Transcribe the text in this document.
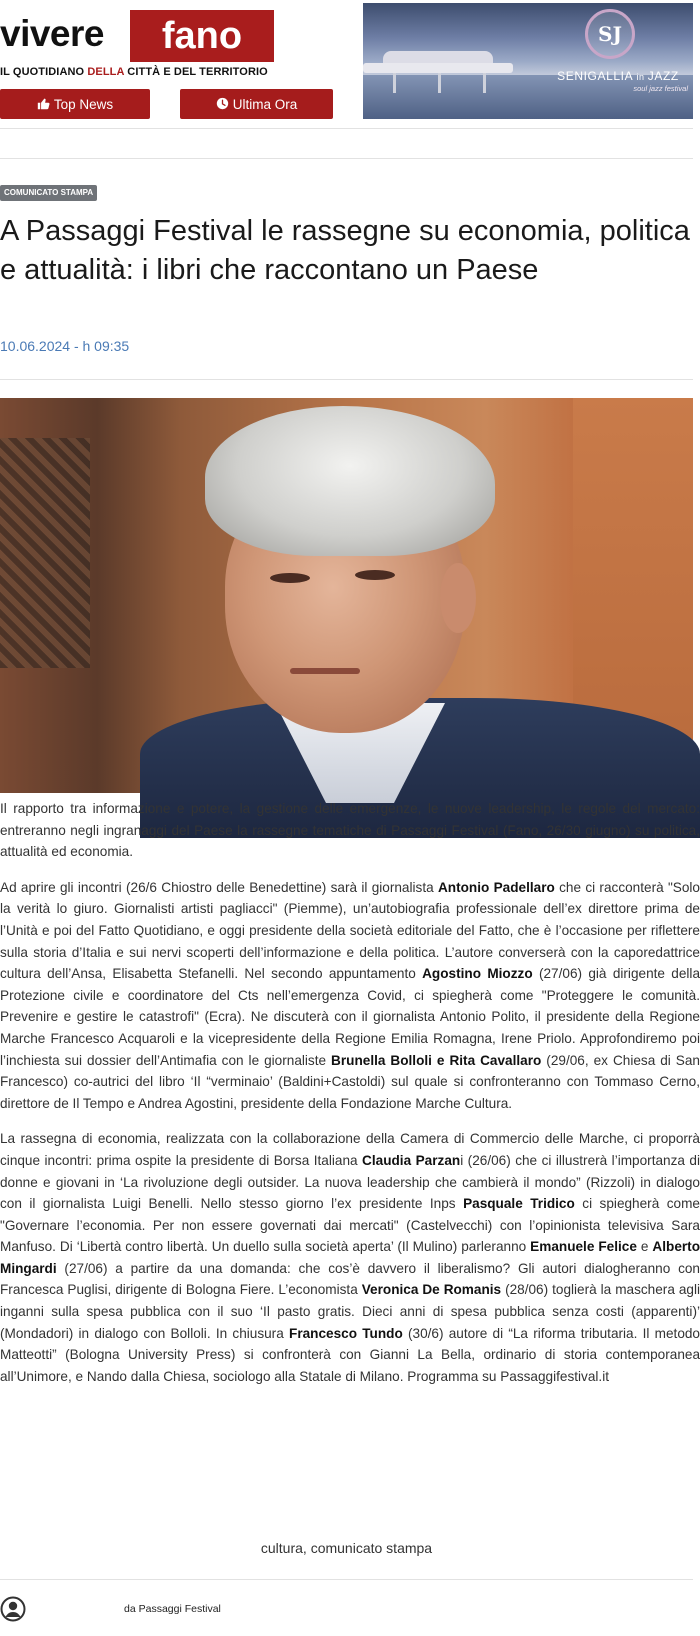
vivere	fano
IL QUOTIDIANO DELLA CITTÀ E DEL TERRITORIO
Top News	Ultima Ora
SJ
SENIGALLIA in JAZZ
soul jazz festival
COMUNICATO STAMPA
A Passaggi Festival le rassegne su economia, politica e attualità: i libri che raccontano un Paese
10.06.2024 - h 09:35

Il rapporto tra informazione e potere, la gestione delle emergenze, le nuove leadership, le regole del mercato: entreranno negli ingranaggi del Paese la rassegne tematiche di Passaggi Festival (Fano, 26/30 giugno) su politica, attualità ed economia.

Ad aprire gli incontri (26/6 Chiostro delle Benedettine) sarà il giornalista Antonio Padellaro che ci racconterà "Solo la verità lo giuro. Giornalisti artisti pagliacci" (Piemme), un’autobiografia professionale dell’ex direttore prima de l’Unità e poi del Fatto Quotidiano, e oggi presidente della società editoriale del Fatto, che è l’occasione per riflettere sulla storia d’Italia e sui nervi scoperti dell’informazione e della politica. L’autore converserà con la caporedattrice cultura dell’Ansa, Elisabetta Stefanelli. Nel secondo appuntamento Agostino Miozzo (27/06) già dirigente della Protezione civile e coordinatore del Cts nell’emergenza Covid, ci spiegherà come "Proteggere le comunità. Prevenire e gestire le catastrofi" (Ecra). Ne discuterà con il giornalista Antonio Polito, il presidente della Regione Marche Francesco Acquaroli e la vicepresidente della Regione Emilia Romagna, Irene Priolo. Approfondiremo poi l’inchiesta sui dossier dell’Antimafia con le giornaliste Brunella Bolloli e Rita Cavallaro (29/06, ex Chiesa di San Francesco) co-autrici del libro ‘Il “verminaio’ (Baldini+Castoldi) sul quale si confronteranno con Tommaso Cerno, direttore de Il Tempo e Andrea Agostini, presidente della Fondazione Marche Cultura.

La rassegna di economia, realizzata con la collaborazione della Camera di Commercio delle Marche, ci proporrà cinque incontri: prima ospite la presidente di Borsa Italiana Claudia Parzani (26/06) che ci illustrerà l’importanza di donne e giovani in ‘La rivoluzione degli outsider. La nuova leadership che cambierà il mondo” (Rizzoli) in dialogo con il giornalista Luigi Benelli. Nello stesso giorno l’ex presidente Inps Pasquale Tridico ci spiegherà come "Governare l’economia. Per non essere governati dai mercati" (Castelvecchi) con l’opinionista televisiva Sara Manfuso. Di ‘Libertà contro libertà. Un duello sulla società aperta’ (Il Mulino) parleranno Emanuele Felice e Alberto Mingardi (27/06) a partire da una domanda: che cos’è davvero il liberalismo? Gli autori dialogheranno con Francesca Puglisi, dirigente di Bologna Fiere. L’economista Veronica De Romanis (28/06) toglierà la maschera agli inganni sulla spesa pubblica con il suo ‘Il pasto gratis. Dieci anni di spesa pubblica senza costi (apparenti)’ (Mondadori) in dialogo con Bolloli. In chiusura Francesco Tundo (30/6) autore di “La riforma tributaria. Il metodo Matteotti” (Bologna University Press) si confronterà con Gianni La Bella, ordinario di storia contemporanea all’Unimore, e Nando dalla Chiesa, sociologo alla Statale di Milano. Programma su Passaggifestival.it

cultura, comunicato stampa
da Passaggi Festival
